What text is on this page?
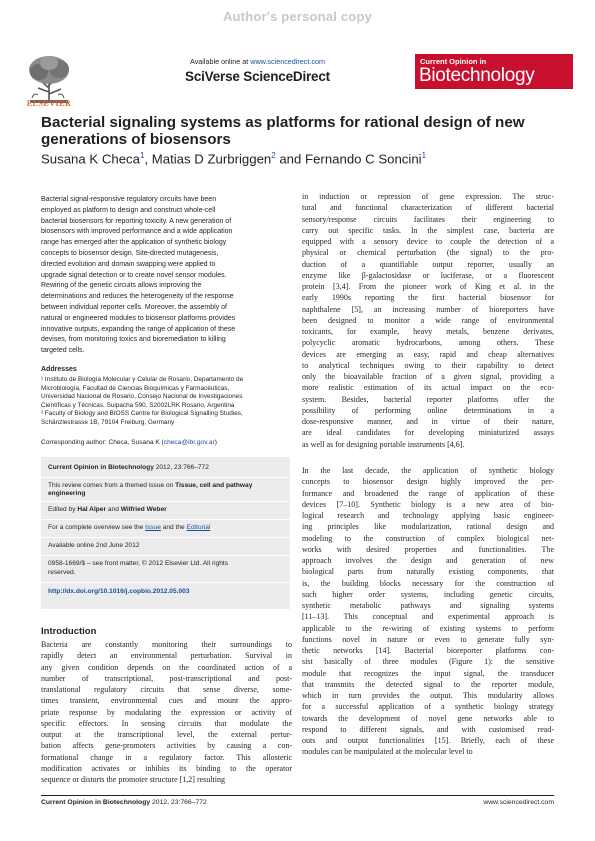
Author's personal copy
ELSEVIER
Available online at www.sciencedirect.com
SciVerse ScienceDirect
Current Opinion in
Biotechnology
Bacterial signaling systems as platforms for rational design of new generations of biosensors
Susana K Checa$^1$, Matias D Zurbriggen$^2$ and Fernando C Soncini$^1$
Bacterial signal-responsive regulatory circuits have been
employed as platform to design and construct whole-cell
bacterial biosensors for reporting toxicity. A new generation of
biosensors with improved performance and a wide application
range has emerged after the application of synthetic biology
concepts to biosensor design. Site-directed mutagenesis,
directed evolution and domain swapping were applied to
upgrade signal detection or to create novel sensor modules.
Rewiring of the genetic circuits allows improving the
determinations and reduces the heterogeneity of the response
between individual reporter cells. Moreover, the assembly of
natural or engineered modules to biosensor platforms provides
innovative outputs, expanding the range of application of these
devises, from monitoring toxics and bioremediation to killing
targeted cells.
Addresses
¹ Instituto de Biología Molecular y Celular de Rosario, Departamento de
Microbiología, Facultad de Ciencias Bioquímicas y Farmacéuticas,
Universidad Nacional de Rosario, Consejo Nacional de Investigaciones
Científicas y Técnicas. Suipacha 590, S2002LRK Rosario, Argentina
² Faculty of Biology and BIOSS Centre for Biological Signalling Studies,
Schänzlestrasse 1B, 79104 Freiburg, Germany
Corresponding author: Checa, Susana K (checa@ibr.gov.ar)
Current Opinion in Biotechnology 2012, 23:766–772
This review comes from a themed issue on Tissue, cell and pathway engineering
Edited by Hal Alper and Wilfried Weber
For a complete overview see the Issue and the Editorial
Available online 2nd June 2012
0958-1669/$ – see front matter, © 2012 Elsevier Ltd. All rights
reserved.
http://dx.doi.org/10.1016/j.copbio.2012.05.003
Introduction
Bacteria are constantly monitoring their surroundings to
rapidly detect an environmental perturbation. Survival in
any given condition depends on the coordinated action of a
number of transcriptional, post-transcriptional and post-
translational regulatory circuits that sense diverse, some-
times transient, environmental cues and mount the appro-
priate response by modulating the expression or activity of
specific effectors. In sensing circuits that modulate the
output at the transcriptional level, the external pertur-
bation affects gene-promoters activities by causing a con-
formational change in a regulatory factor. This allosteric
modification activates or inhibits its binding to the operator
sequence or distorts the promoter structure [1,2] resulting
in induction or repression of gene expression. The struc-
tural and functional characterization of different bacterial
sensory/response circuits facilitates their engineering to
carry out specific tasks. In the simplest case, bacteria are
equipped with a sensory device to couple the detection of a
physical or chemical perturbation (the signal) to the pro-
duction of a quantifiable output reporter, usually an
enzyme like β-galactosidase or luciferase, or a fluorescent
protein [3,4]. From the pioneer work of King et al. in the
early 1990s reporting the first bacterial biosensor for
naphthalene [5], an increasing number of bioreporters have
been designed to monitor a wide range of environmental
toxicants, for example, heavy metals, benzene derivates,
polycyclic aromatic hydrocarbons, among others. These
devices are emerging as easy, rapid and cheap alternatives
to analytical techniques owing to their capability to detect
only the bioavailable fraction of a given signal, providing a
more realistic estimation of its actual impact on the eco-
system. Besides, bacterial reporter platforms offer the
possibility of performing online determinations in a
dose-responsive manner, and in virtue of their nature,
are ideal candidates for developing miniaturized assays
as well as for designing portable instruments [4,6].
In the last decade, the application of synthetic biology
concepts to biosensor design highly improved the per-
formance and broadened the range of application of these
devices [7–10]. Synthetic biology is a new area of bio-
logical research and technology applying basic engineer-
ing principles like modularization, rational design and
modeling to the construction of complex biological net-
works with desired properties and functionalities. The
approach involves the design and generation of new
biological parts from naturally existing components, that
is, the building blocks necessary for the construction of
such higher order systems, including genetic circuits,
synthetic metabolic pathways and signaling systems
[11–13]. This conceptual and experimental approach is
applicable to the re-wiring of existing systems to perform
functions novel in nature or even to generate fully syn-
thetic networks [14]. Bacterial bioreporter platforms con-
sist basically of three modules (Figure 1): the sensitive
module that recognizes the input signal, the transducer
that transmits the detected signal to the reporter module,
which in turn provides the output. This modularity allows
for a successful application of a synthetic biology strategy
towards the development of novel gene networks able to
respond to different signals, and with customised read-
outs and output functionalities [15]. Briefly, each of these
modules can be manipulated at the molecular level to
Current Opinion in Biotechnology 2012, 23:766–772	www.sciencedirect.com
